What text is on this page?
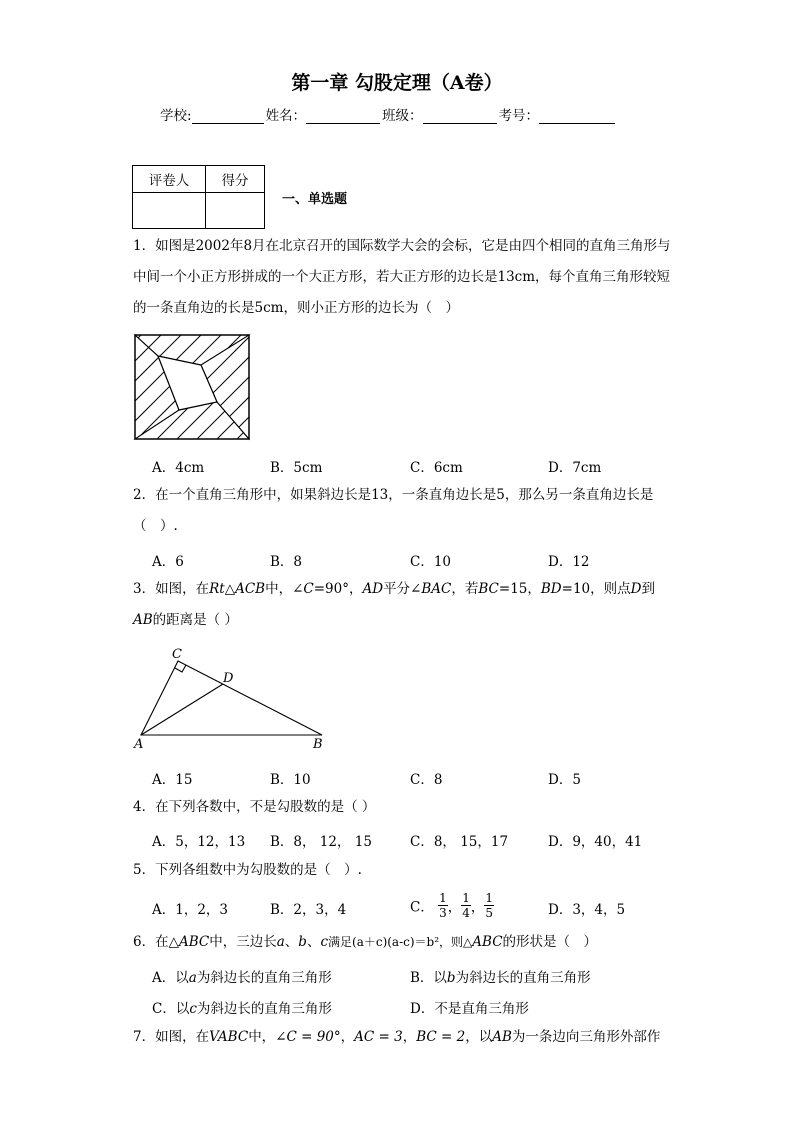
第一章 勾股定理（A卷）
学校:	姓名：	班级：	考号：
评卷人	得分

一、单选题
1．如图是2002年8月在北京召开的国际数学大会的会标，它是由四个相同的直角三角形与中间一个小正方形拼成的一个大正方形，若大正方形的边长是13cm，每个直角三角形较短的一条直角边的长是5cm，则小正方形的边长为（　）
A．4cm	B．5cm	C．6cm	D．7cm
2．在一个直角三角形中，如果斜边长是13，一条直角边长是5，那么另一条直角边长是（　）.
A．6	B．8	C．10	D．12
3．如图，在Rt△ACB中，∠C=90°，AD平分∠BAC，若BC=15，BD=10，则点D到AB的距离是（ ）
C
D
A	B
A．15	B．10	C．8	D．5
4．在下列各数中，不是勾股数的是（ ）
A．5，12，13 B．8， 12， 15	C．8， 15，17	D．9，40，41
5．下列各组数中为勾股数的是（　）.
A．1，2，3	B．2，3，4	C． $\frac{1}{3}$ ， $\frac{1}{4}$ ， $\frac{1}{5}$	D．3，4，5
6．在△ABC中，三边长a、b、c满足(a＋c)(a-c)＝b²，则△ABC的形状是（　）
A．以a为斜边长的直角三角形	B．以b为斜边长的直角三角形
C．以c为斜边长的直角三角形	D．不是直角三角形
7．如图，在VABC中，∠C = 90°，AC = 3，BC = 2，以AB为一条边向三角形外部作
